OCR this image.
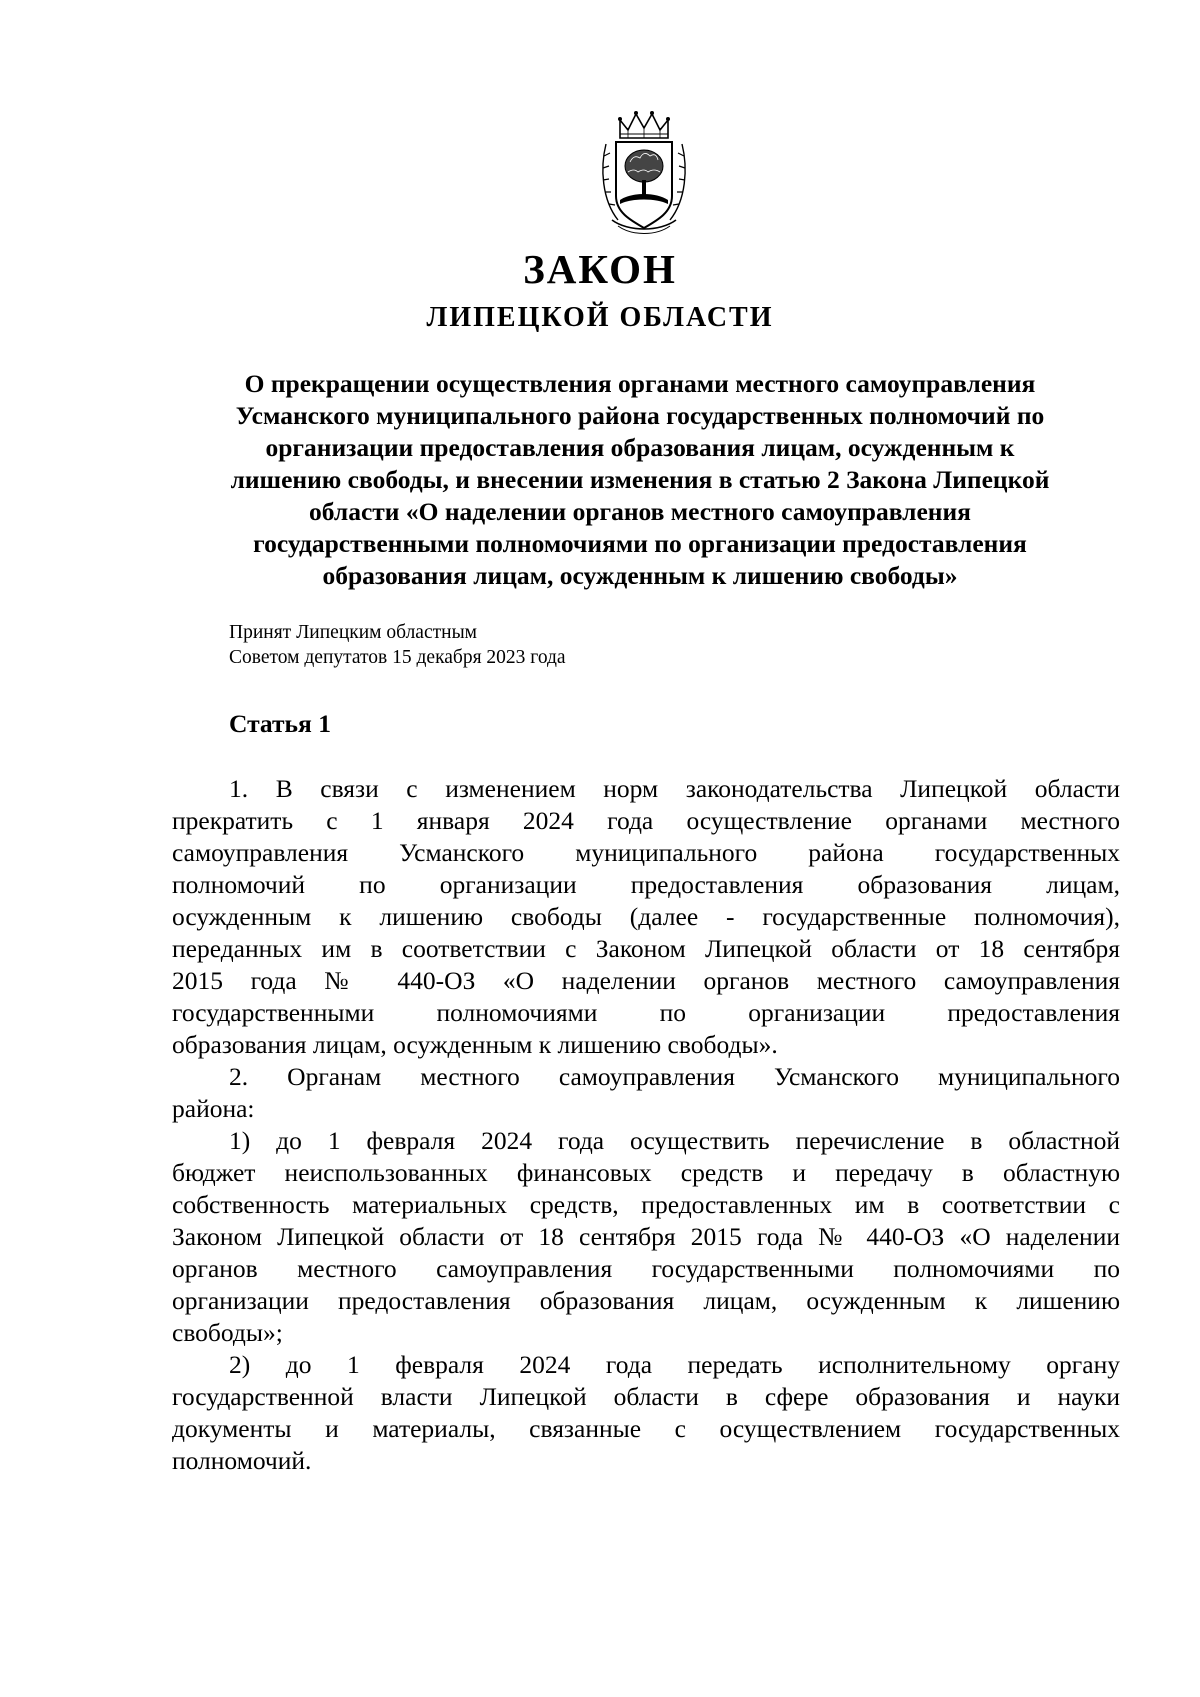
ЗАКОН
ЛИПЕЦКОЙ ОБЛАСТИ
О прекращении осуществления органами местного самоуправления
Усманского муниципального района государственных полномочий по
организации предоставления образования лицам, осужденным к
лишению свободы, и внесении изменения в статью 2 Закона Липецкой
области «О наделении органов местного самоуправления
государственными полномочиями по организации предоставления
образования лицам, осужденным к лишению свободы»
Принят Липецким областным
Советом депутатов 15 декабря 2023 года
Статья 1
1. В связи с изменением норм законодательства Липецкой области
прекратить с 1 января 2024 года осуществление органами местного
самоуправления Усманского муниципального района государственных
полномочий по организации предоставления образования лицам,
осужденным к лишению свободы (далее - государственные полномочия),
переданных им в соответствии с Законом Липецкой области от 18 сентября
2015 года № 440-ОЗ «О наделении органов местного самоуправления
государственными полномочиями по организации предоставления
образования лицам, осужденным к лишению свободы».
2. Органам местного самоуправления Усманского муниципального
района:
1) до 1 февраля 2024 года осуществить перечисление в областной
бюджет неиспользованных финансовых средств и передачу в областную
собственность материальных средств, предоставленных им в соответствии с
Законом Липецкой области от 18 сентября 2015 года № 440-ОЗ «О наделении
органов местного самоуправления государственными полномочиями по
организации предоставления образования лицам, осужденным к лишению
свободы»;
2) до 1 февраля 2024 года передать исполнительному органу
государственной власти Липецкой области в сфере образования и науки
документы и материалы, связанные с осуществлением государственных
полномочий.
